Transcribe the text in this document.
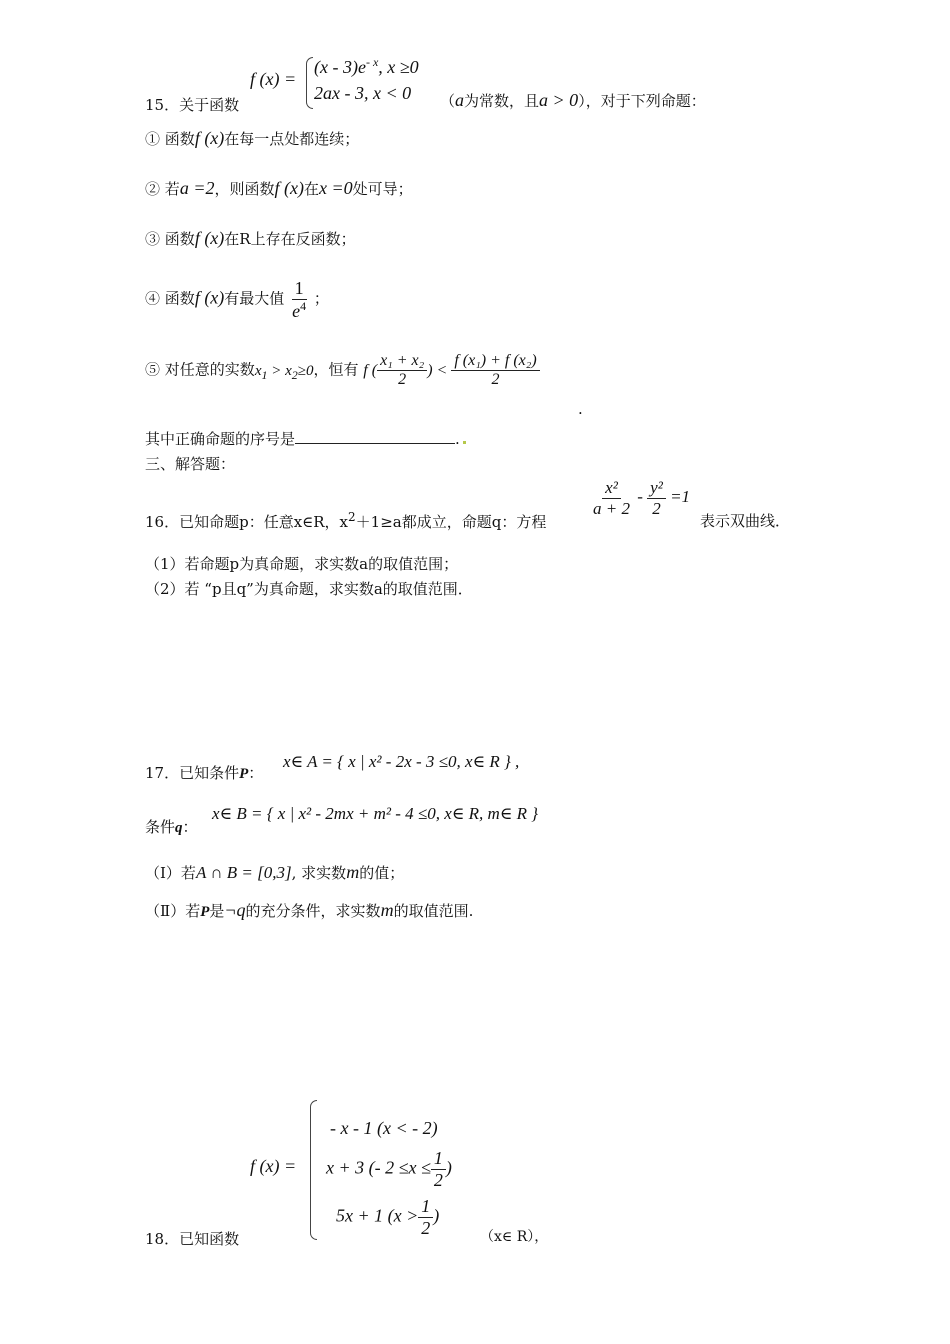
f (x) =
$(x - 3)e^{- x}$, x ≥0
2ax - 3, x < 0
15．关于函数	（a为常数，且a > 0），对于下列命题：
① 函数f (x)在每一点处都连续；
② 若a =2，则函数f (x)在x =0处可导；
③ 函数f (x)在R上存在反函数；
④ 函数f (x)有最大值 $\frac{1}{e^4}$ ；
⑤ 对任意的实数$x_1 > x_2\ge 0$，恒有 f ( $\frac{\text{x₁ + x₂}}{2}$ ) < $\frac{\text{f (x₁) + f (x₂)}}{2}$
.
其中正确命题的序号是	.
三、解答题：
16．已知命题p：任意x∈R，$x^2+1\ge a$都成立，命题q：方程
$\frac{\text{x²}}{a + 2} - \frac{\text{y²}}{2} =1$
表示双曲线．
（1）若命题p为真命题，求实数a的取值范围；
（2）若 “p且q”为真命题，求实数a的取值范围．
17．已知条件P：
x∈ A = { x | x² - 2x - 3 ≤0, x∈ R } ,
条件q：
x∈ B = { x | x² - 2mx + m² - 4 ≤0, x∈ R, m∈ R }
（Ⅰ）若A ∩ B = [0,3], 求实数m的值；
（Ⅱ）若P是¬q的充分条件，求实数m的取值范围.
f (x) =
- x - 1 (x < - 2)
x + 3 (- $2 \le x \le \frac{1}{2}$ )
5x + 1 ($x > \frac{1}{2}$ )
18．已知函数	（x∈ R），
